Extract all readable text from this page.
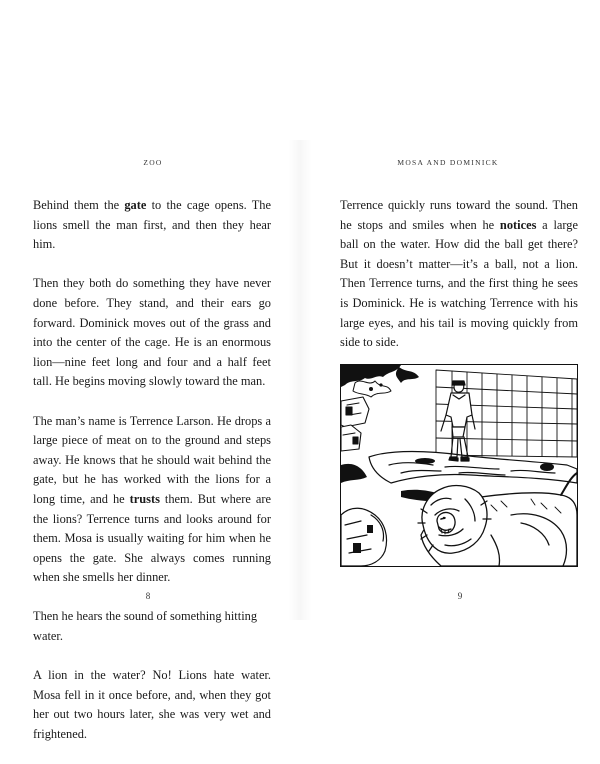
ZOO

Behind them the gate to the cage opens. The lions smell the man first, and then they hear him.

Then they both do something they have never done before. They stand, and their ears go forward. Dominick moves out of the grass and into the center of the cage. He is an enormous lion—nine feet long and four and a half feet tall. He begins moving slowly toward the man.

The man’s name is Terrence Larson. He drops a large piece of meat on to the ground and steps away. He knows that he should wait behind the gate, but he has worked with the lions for a long time, and he trusts them. But where are the lions? Terrence turns and looks around for them. Mosa is usually waiting for him when he opens the gate. She always comes running when she smells her dinner.

Then he hears the sound of something hitting water.

A lion in the water? No! Lions hate water. Mosa fell in it once before, and, when they got her out two hours later, she was very wet and frightened.

8
MOSA AND DOMINICK

Terrence quickly runs toward the sound. Then he stops and smiles when he notices a large ball on the water. How did the ball get there? But it doesn’t matter—it’s a ball, not a lion. Then Terrence turns, and the first thing he sees is Dominick. He is watching Terrence with his large eyes, and his tail is moving quickly from side to side.

9
